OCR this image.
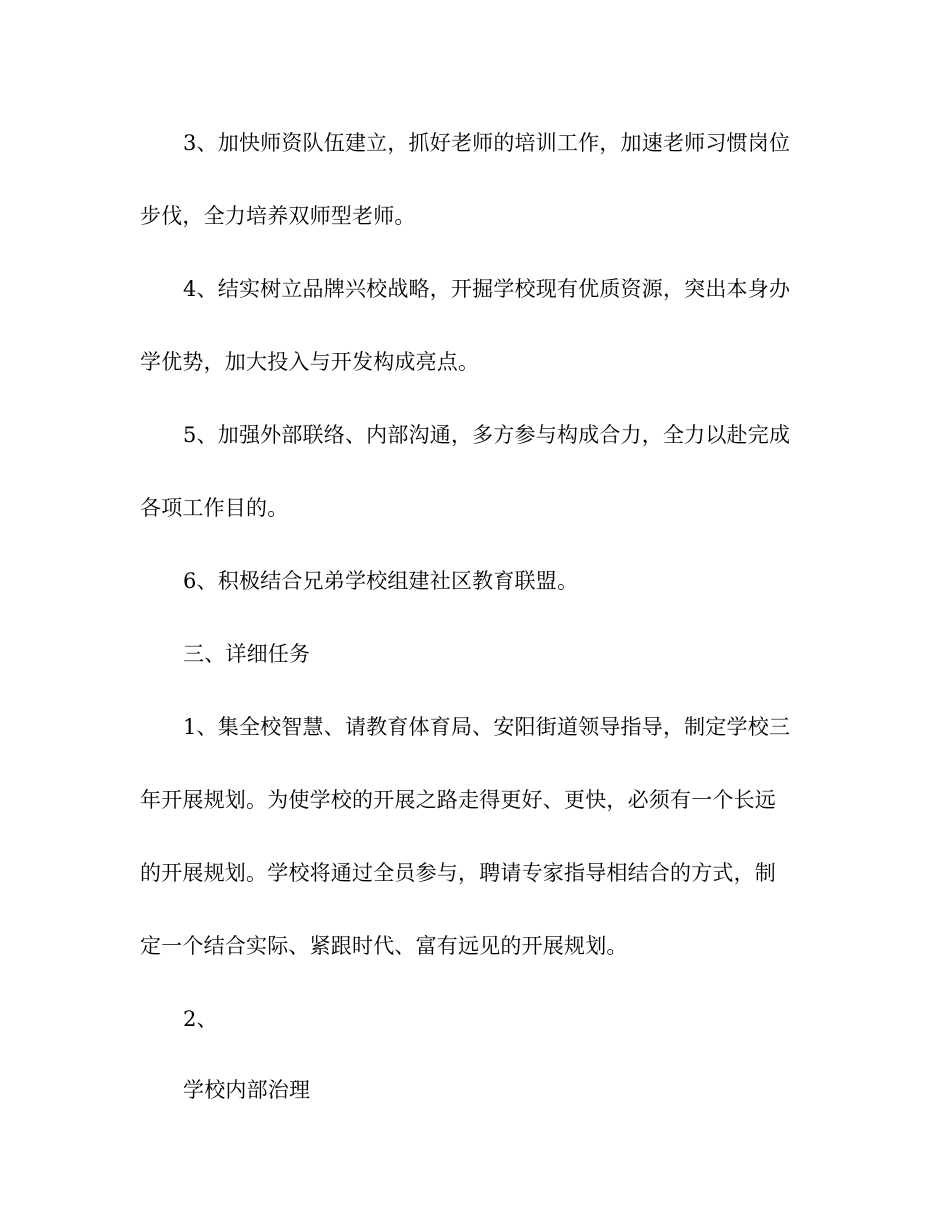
3、加快师资队伍建立，抓好老师的培训工作，加速老师习惯岗位
步伐，全力培养双师型老师。
4、结实树立品牌兴校战略，开掘学校现有优质资源，突出本身办
学优势，加大投入与开发构成亮点。
5、加强外部联络、内部沟通，多方参与构成合力，全力以赴完成
各项工作目的。
6、积极结合兄弟学校组建社区教育联盟。
三、详细任务
1、集全校智慧、请教育体育局、安阳街道领导指导，制定学校三
年开展规划。为使学校的开展之路走得更好、更快，必须有一个长远
的开展规划。学校将通过全员参与，聘请专家指导相结合的方式，制
定一个结合实际、紧跟时代、富有远见的开展规划。
2、
学校内部治理
